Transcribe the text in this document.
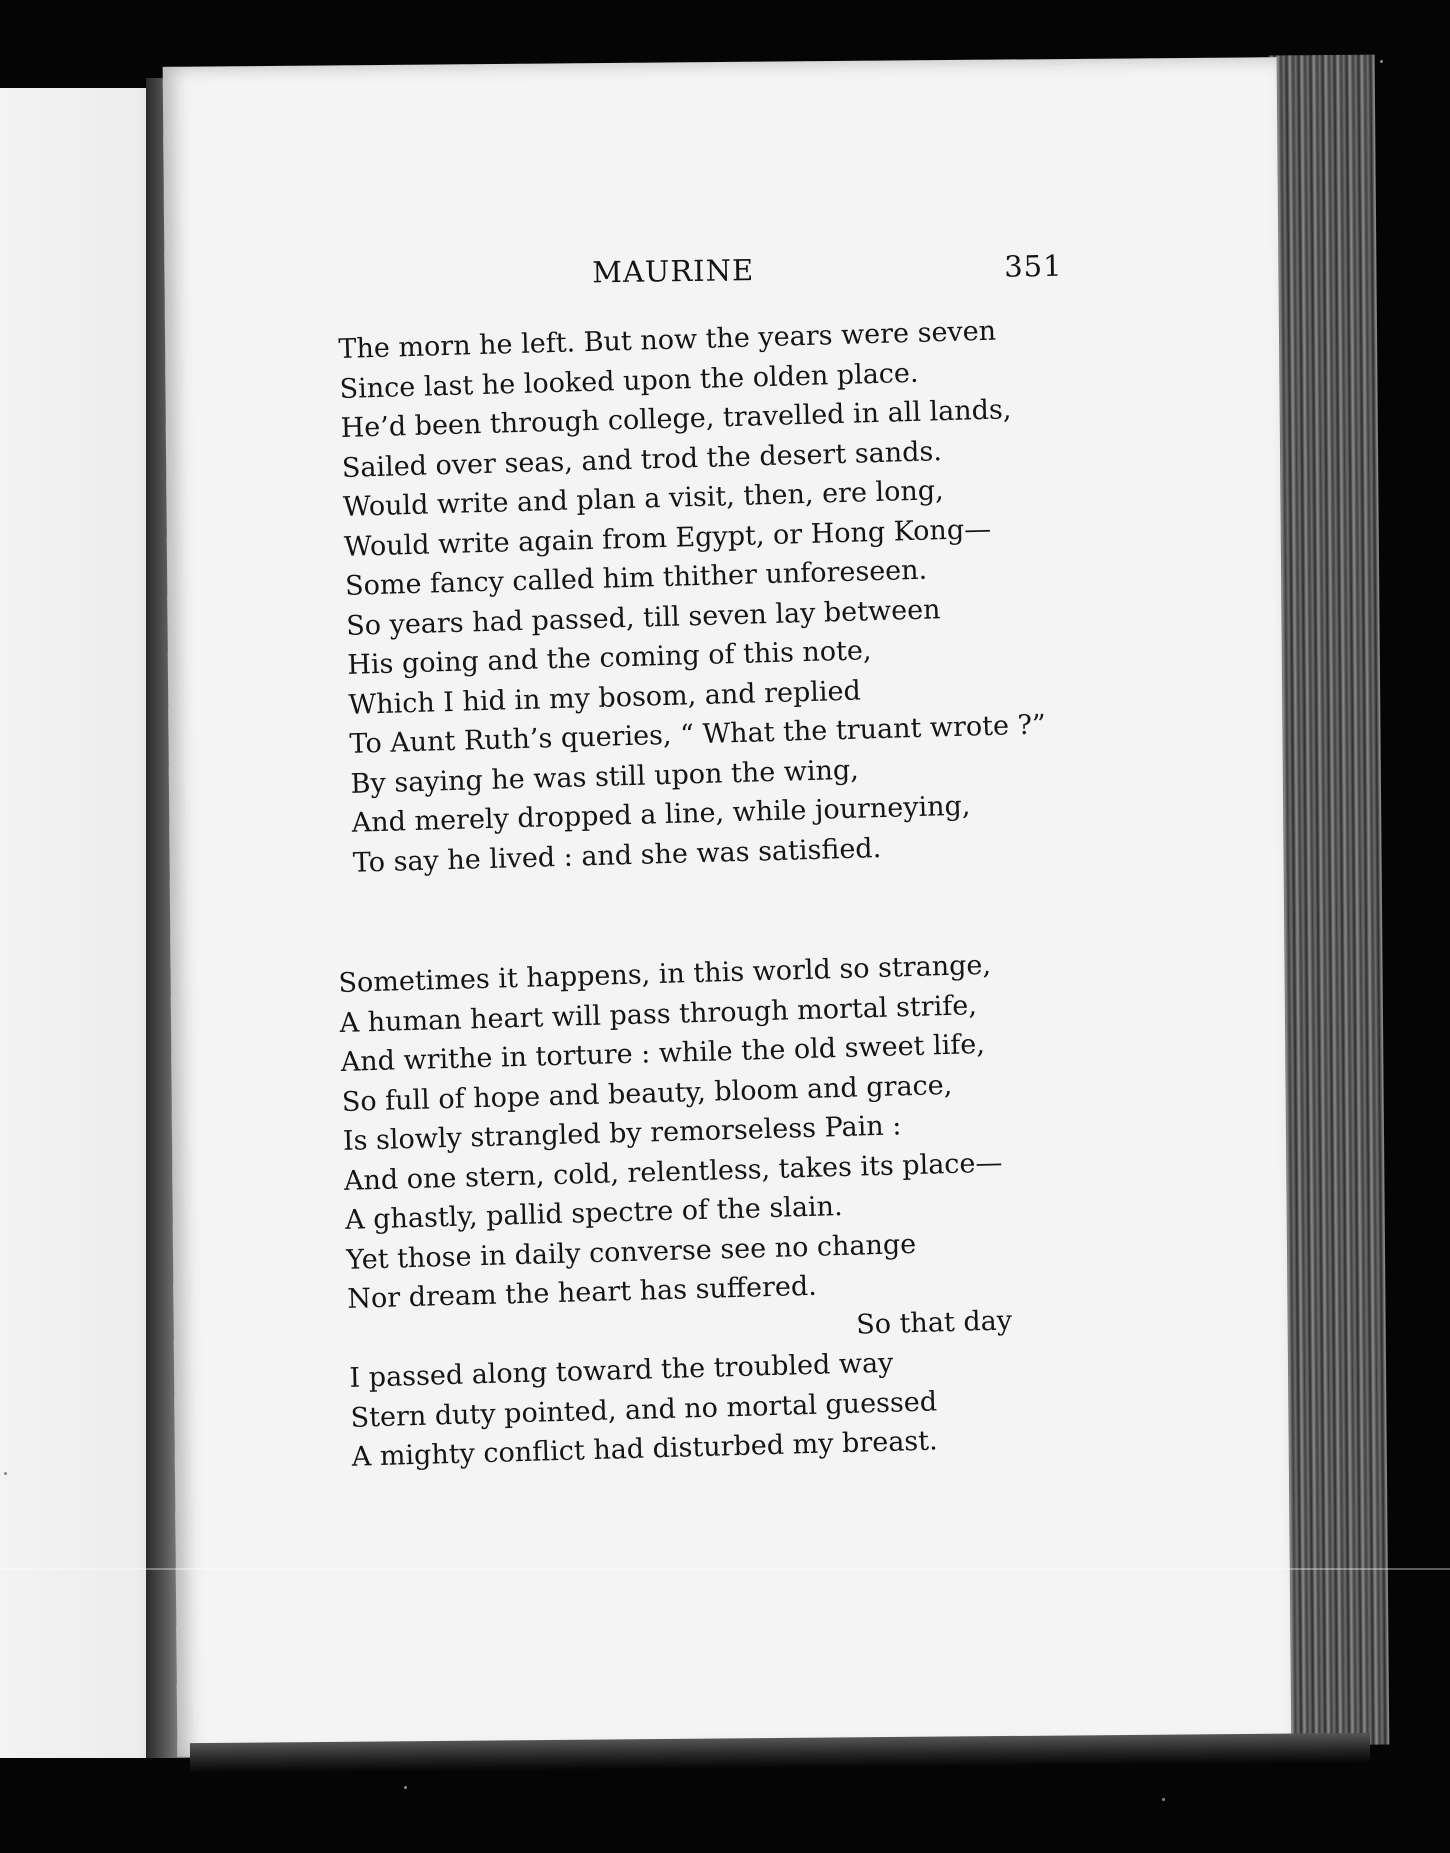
MAURINE	351
The morn he left. But now the years were seven
Since last he looked upon the olden place.
He’d been through college, travelled in all lands,
Sailed over seas, and trod the desert sands.
Would write and plan a visit, then, ere long,
Would write again from Egypt, or Hong Kong—
Some fancy called him thither unforeseen.
So years had passed, till seven lay between
His going and the coming of this note,
Which I hid in my bosom, and replied
To Aunt Ruth’s queries, “ What the truant wrote ?”
By saying he was still upon the wing,
And merely dropped a line, while journeying,
To say he lived : and she was satisfied.
Sometimes it happens, in this world so strange,
A human heart will pass through mortal strife,
And writhe in torture : while the old sweet life,
So full of hope and beauty, bloom and grace,
Is slowly strangled by remorseless Pain :
And one stern, cold, relentless, takes its place—
A ghastly, pallid spectre of the slain.
Yet those in daily converse see no change
Nor dream the heart has suffered.
So that day
I passed along toward the troubled way
Stern duty pointed, and no mortal guessed
A mighty conflict had disturbed my breast.
